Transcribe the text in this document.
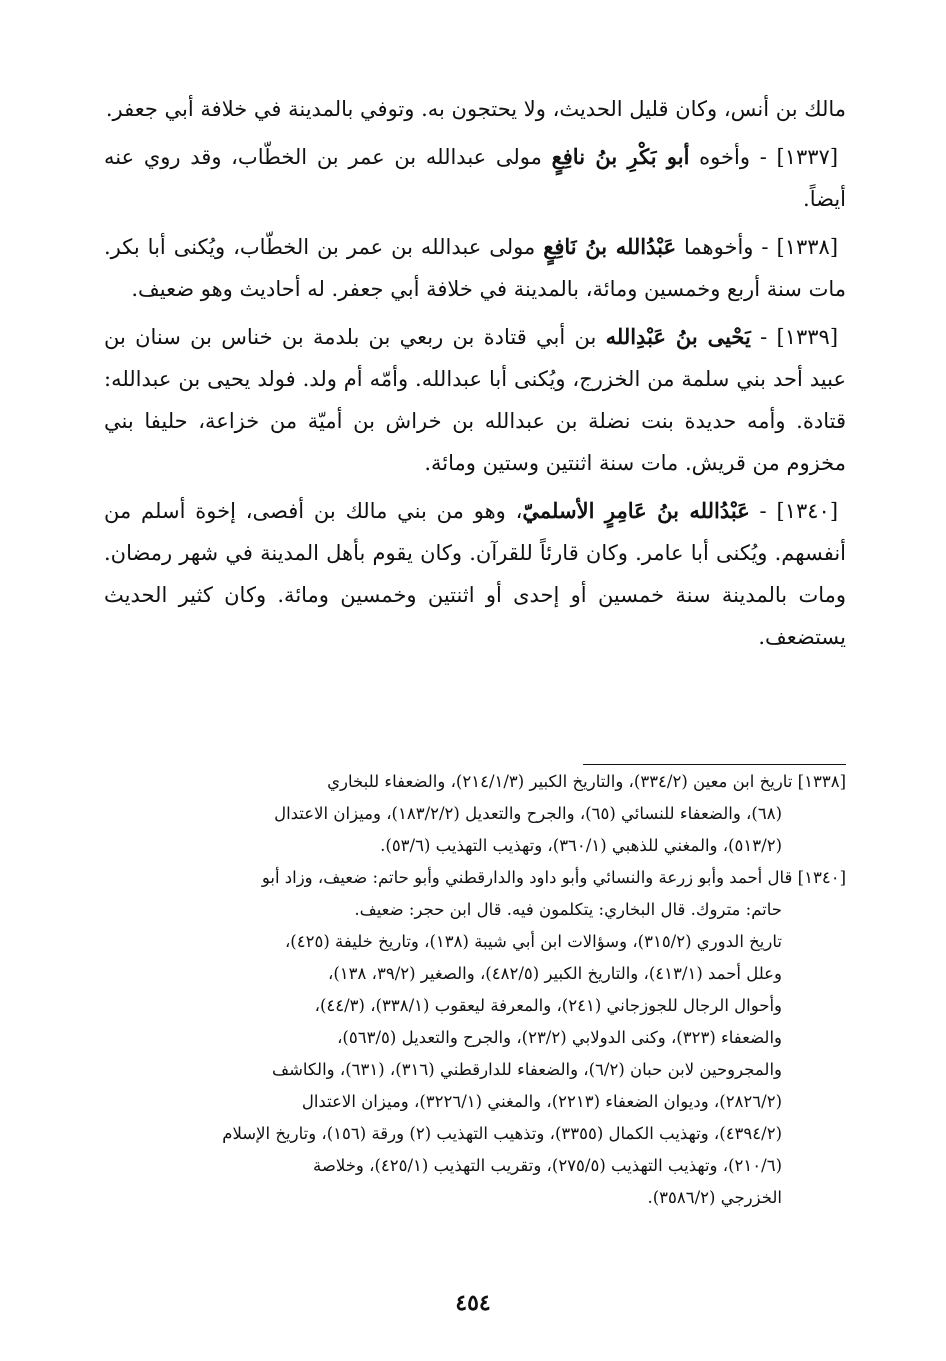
مالك بن أنس، وكان قليل الحديث، ولا يحتجون به. وتوفي بالمدينة في خلافة أبي جعفر.

[١٣٣٧] - وأخوه أبو بَكْرِ بنُ نافِعٍ مولى عبدالله بن عمر بن الخطّاب، وقد روي عنه أيضاً.

[١٣٣٨] - وأخوهما عَبْدُالله بنُ نَافِعٍ مولى عبدالله بن عمر بن الخطّاب، ويُكنى أبا بكر. مات سنة أربع وخمسين ومائة، بالمدينة في خلافة أبي جعفر. له أحاديث وهو ضعيف.

[١٣٣٩] - يَحْيى بنُ عَبْدِالله بن أبي قتادة بن ربعي بن بلدمة بن خناس بن سنان بن عبيد أحد بني سلمة من الخزرج، ويُكنى أبا عبدالله. وأمّه أم ولد. فولد يحيى بن عبدالله: قتادة. وأمه حديدة بنت نضلة بن عبدالله بن خراش بن أميّة من خزاعة، حليفا بني مخزوم من قريش. مات سنة اثنتين وستين ومائة.

[١٣٤٠] - عَبْدُالله بنُ عَامِرٍ الأسلميّ، وهو من بني مالك بن أفصى، إخوة أسلم من أنفسهم. ويُكنى أبا عامر. وكان قارئاً للقرآن. وكان يقوم بأهل المدينة في شهر رمضان. ومات بالمدينة سنة خمسين أو إحدى أو اثنتين وخمسين ومائة. وكان كثير الحديث يستضعف.

[١٣٣٨] تاريخ ابن معين (٣٣٤/٢)، والتاريخ الكبير (٢١٤/١/٣)، والضعفاء للبخاري
(٦٨)، والضعفاء للنسائي (٦٥)، والجرح والتعديل (١٨٣/٢/٢)، وميزان الاعتدال
(٥١٣/٢)، والمغني للذهبي (٣٦٠/١)، وتهذيب التهذيب (٥٣/٦).
[١٣٤٠] قال أحمد وأبو زرعة والنسائي وأبو داود والدارقطني وأبو حاتم: ضعيف، وزاد أبو
حاتم: متروك. قال البخاري: يتكلمون فيه. قال ابن حجر: ضعيف.
تاريخ الدوري (٣١٥/٢)، وسؤالات ابن أبي شيبة (١٣٨)، وتاريخ خليفة (٤٢٥)،
وعلل أحمد (٤١٣/١)، والتاريخ الكبير (٤٨٢/٥)، والصغير (٣٩/٢، ١٣٨)،
وأحوال الرجال للجوزجاني (٢٤١)، والمعرفة ليعقوب (٣٣٨/١)، (٤٤/٣)،
والضعفاء (٣٢٣)، وكنى الدولابي (٢٣/٢)، والجرح والتعديل (٥٦٣/٥)،
والمجروحين لابن حبان (٦/٢)، والضعفاء للدارقطني (٣١٦)، (٦٣١)، والكاشف
(٢٨٢٦/٢)، وديوان الضعفاء (٢٢١٣)، والمغني (٣٢٢٦/١)، وميزان الاعتدال
(٤٣٩٤/٢)، وتهذيب الكمال (٣٣٥٥)، وتذهيب التهذيب (٢) ورقة (١٥٦)، وتاريخ الإسلام
(٢١٠/٦)، وتهذيب التهذيب (٢٧٥/٥)، وتقريب التهذيب (٤٢٥/١)، وخلاصة
الخزرجي (٣٥٨٦/٢).
٤٥٤
